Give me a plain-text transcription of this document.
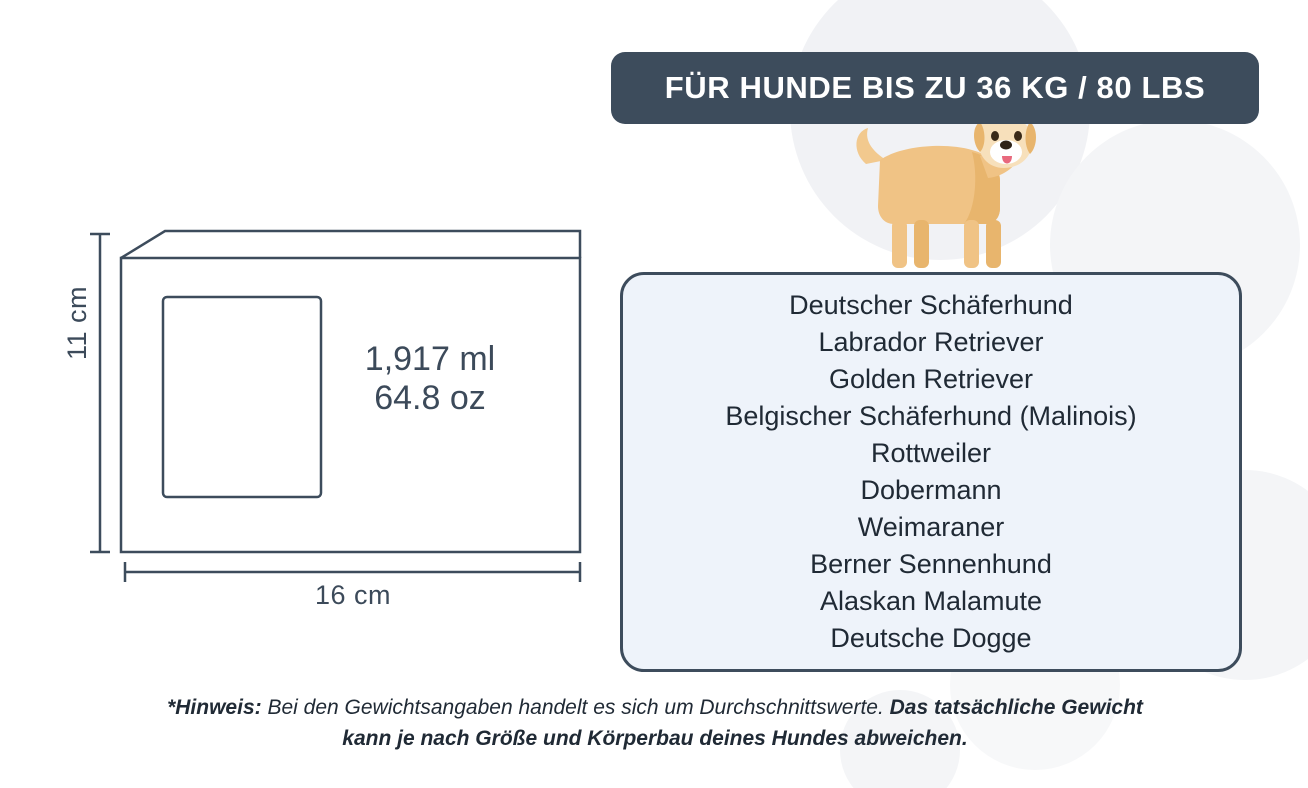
11 cm
16 cm
1,917 ml
64.8 oz
FÜR HUNDE BIS ZU 36 KG / 80 LBS
Deutscher Schäferhund
Labrador Retriever
Golden Retriever
Belgischer Schäferhund (Malinois)
Rottweiler
Dobermann
Weimaraner
Berner Sennenhund
Alaskan Malamute
Deutsche Dogge
*Hinweis: Bei den Gewichtsangaben handelt es sich um Durchschnittswerte. Das tatsächliche Gewicht kann je nach Größe und Körperbau deines Hundes abweichen.
